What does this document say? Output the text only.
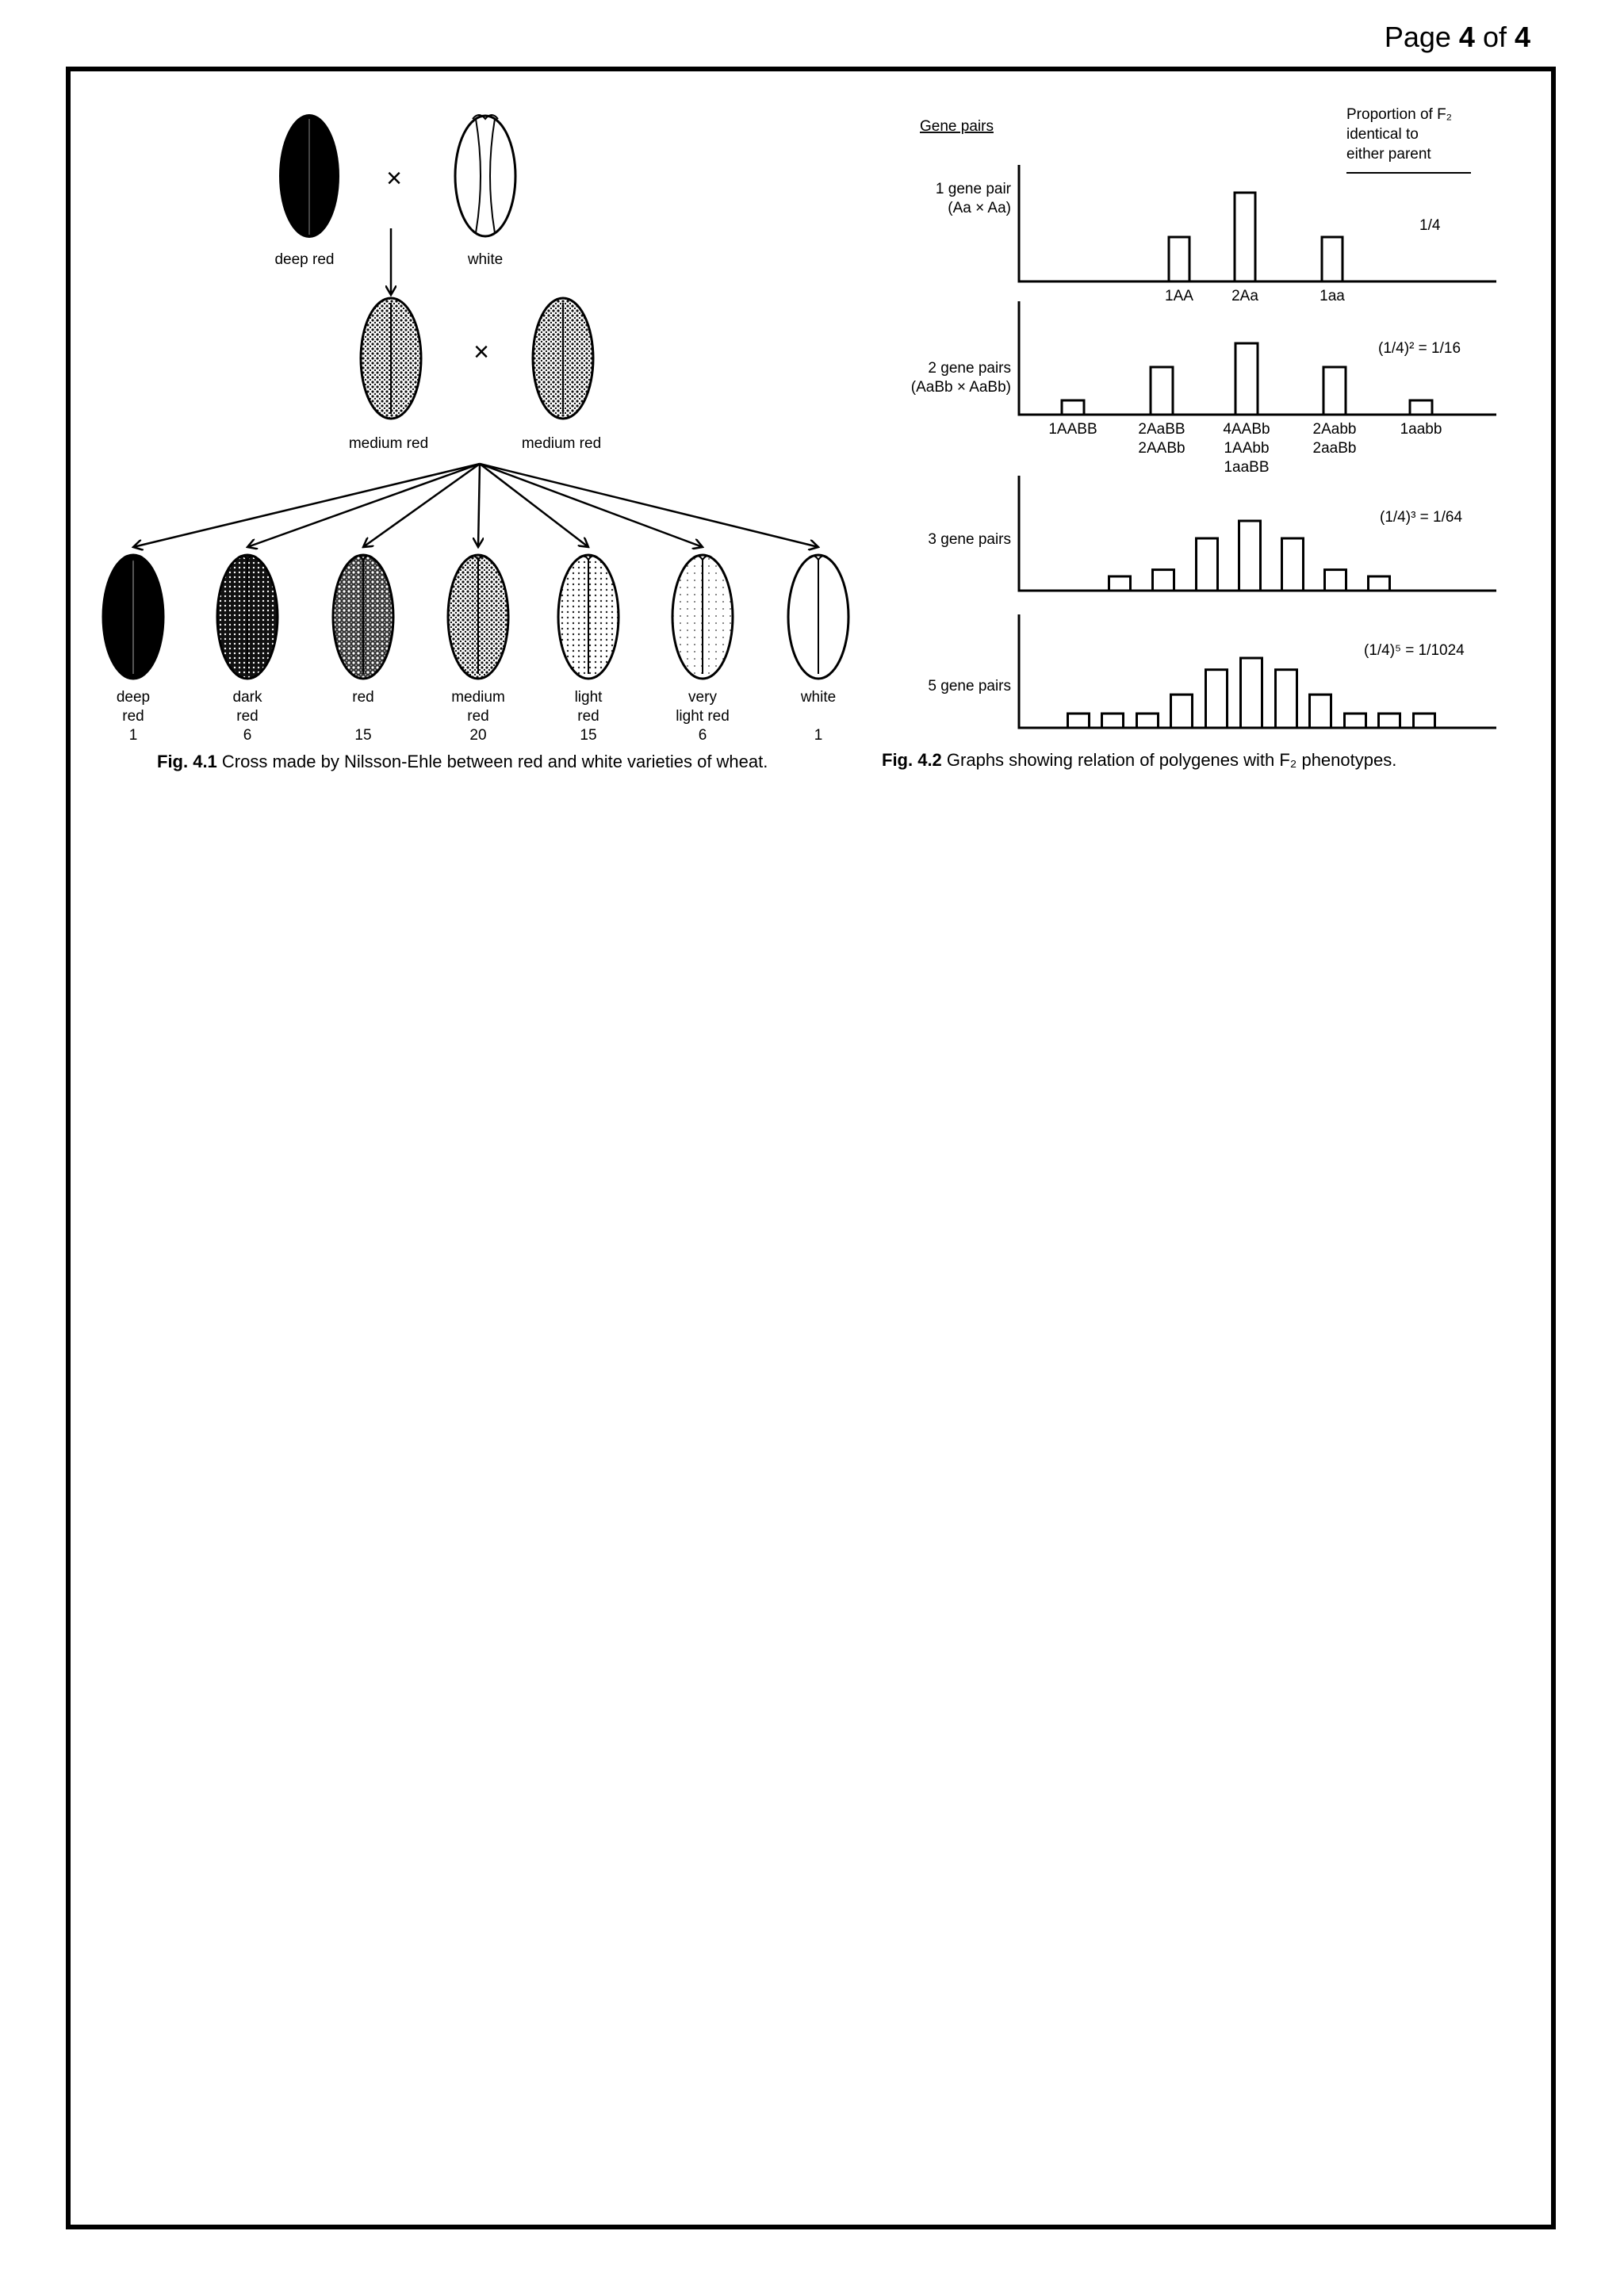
Page 4 of 4
deep red
×
white
medium red
×
medium red
deep
red
1
dark
red
6
red
15
medium
red
20
light
red
15
very
light red
6
white
1
Fig. 4.1 Cross made by Nilsson-Ehle between red and white varieties of wheat.
Gene pairs
Proportion of F₂
identical to
either parent
1 gene pair
(Aa × Aa)
1/4
1AA	2Aa	1aa
2 gene pairs
(AaBb × AaBb)
(1/4)² = 1/16
1AABB	2AaBB
2AABb
4AABb
1AAbb
1aaBB
2Aabb
2aaBb
1aabb
3 gene pairs
(1/4)³ = 1/64
5 gene pairs
(1/4)⁵ = 1/1024
Fig. 4.2 Graphs showing relation of polygenes with F₂ phenotypes.
